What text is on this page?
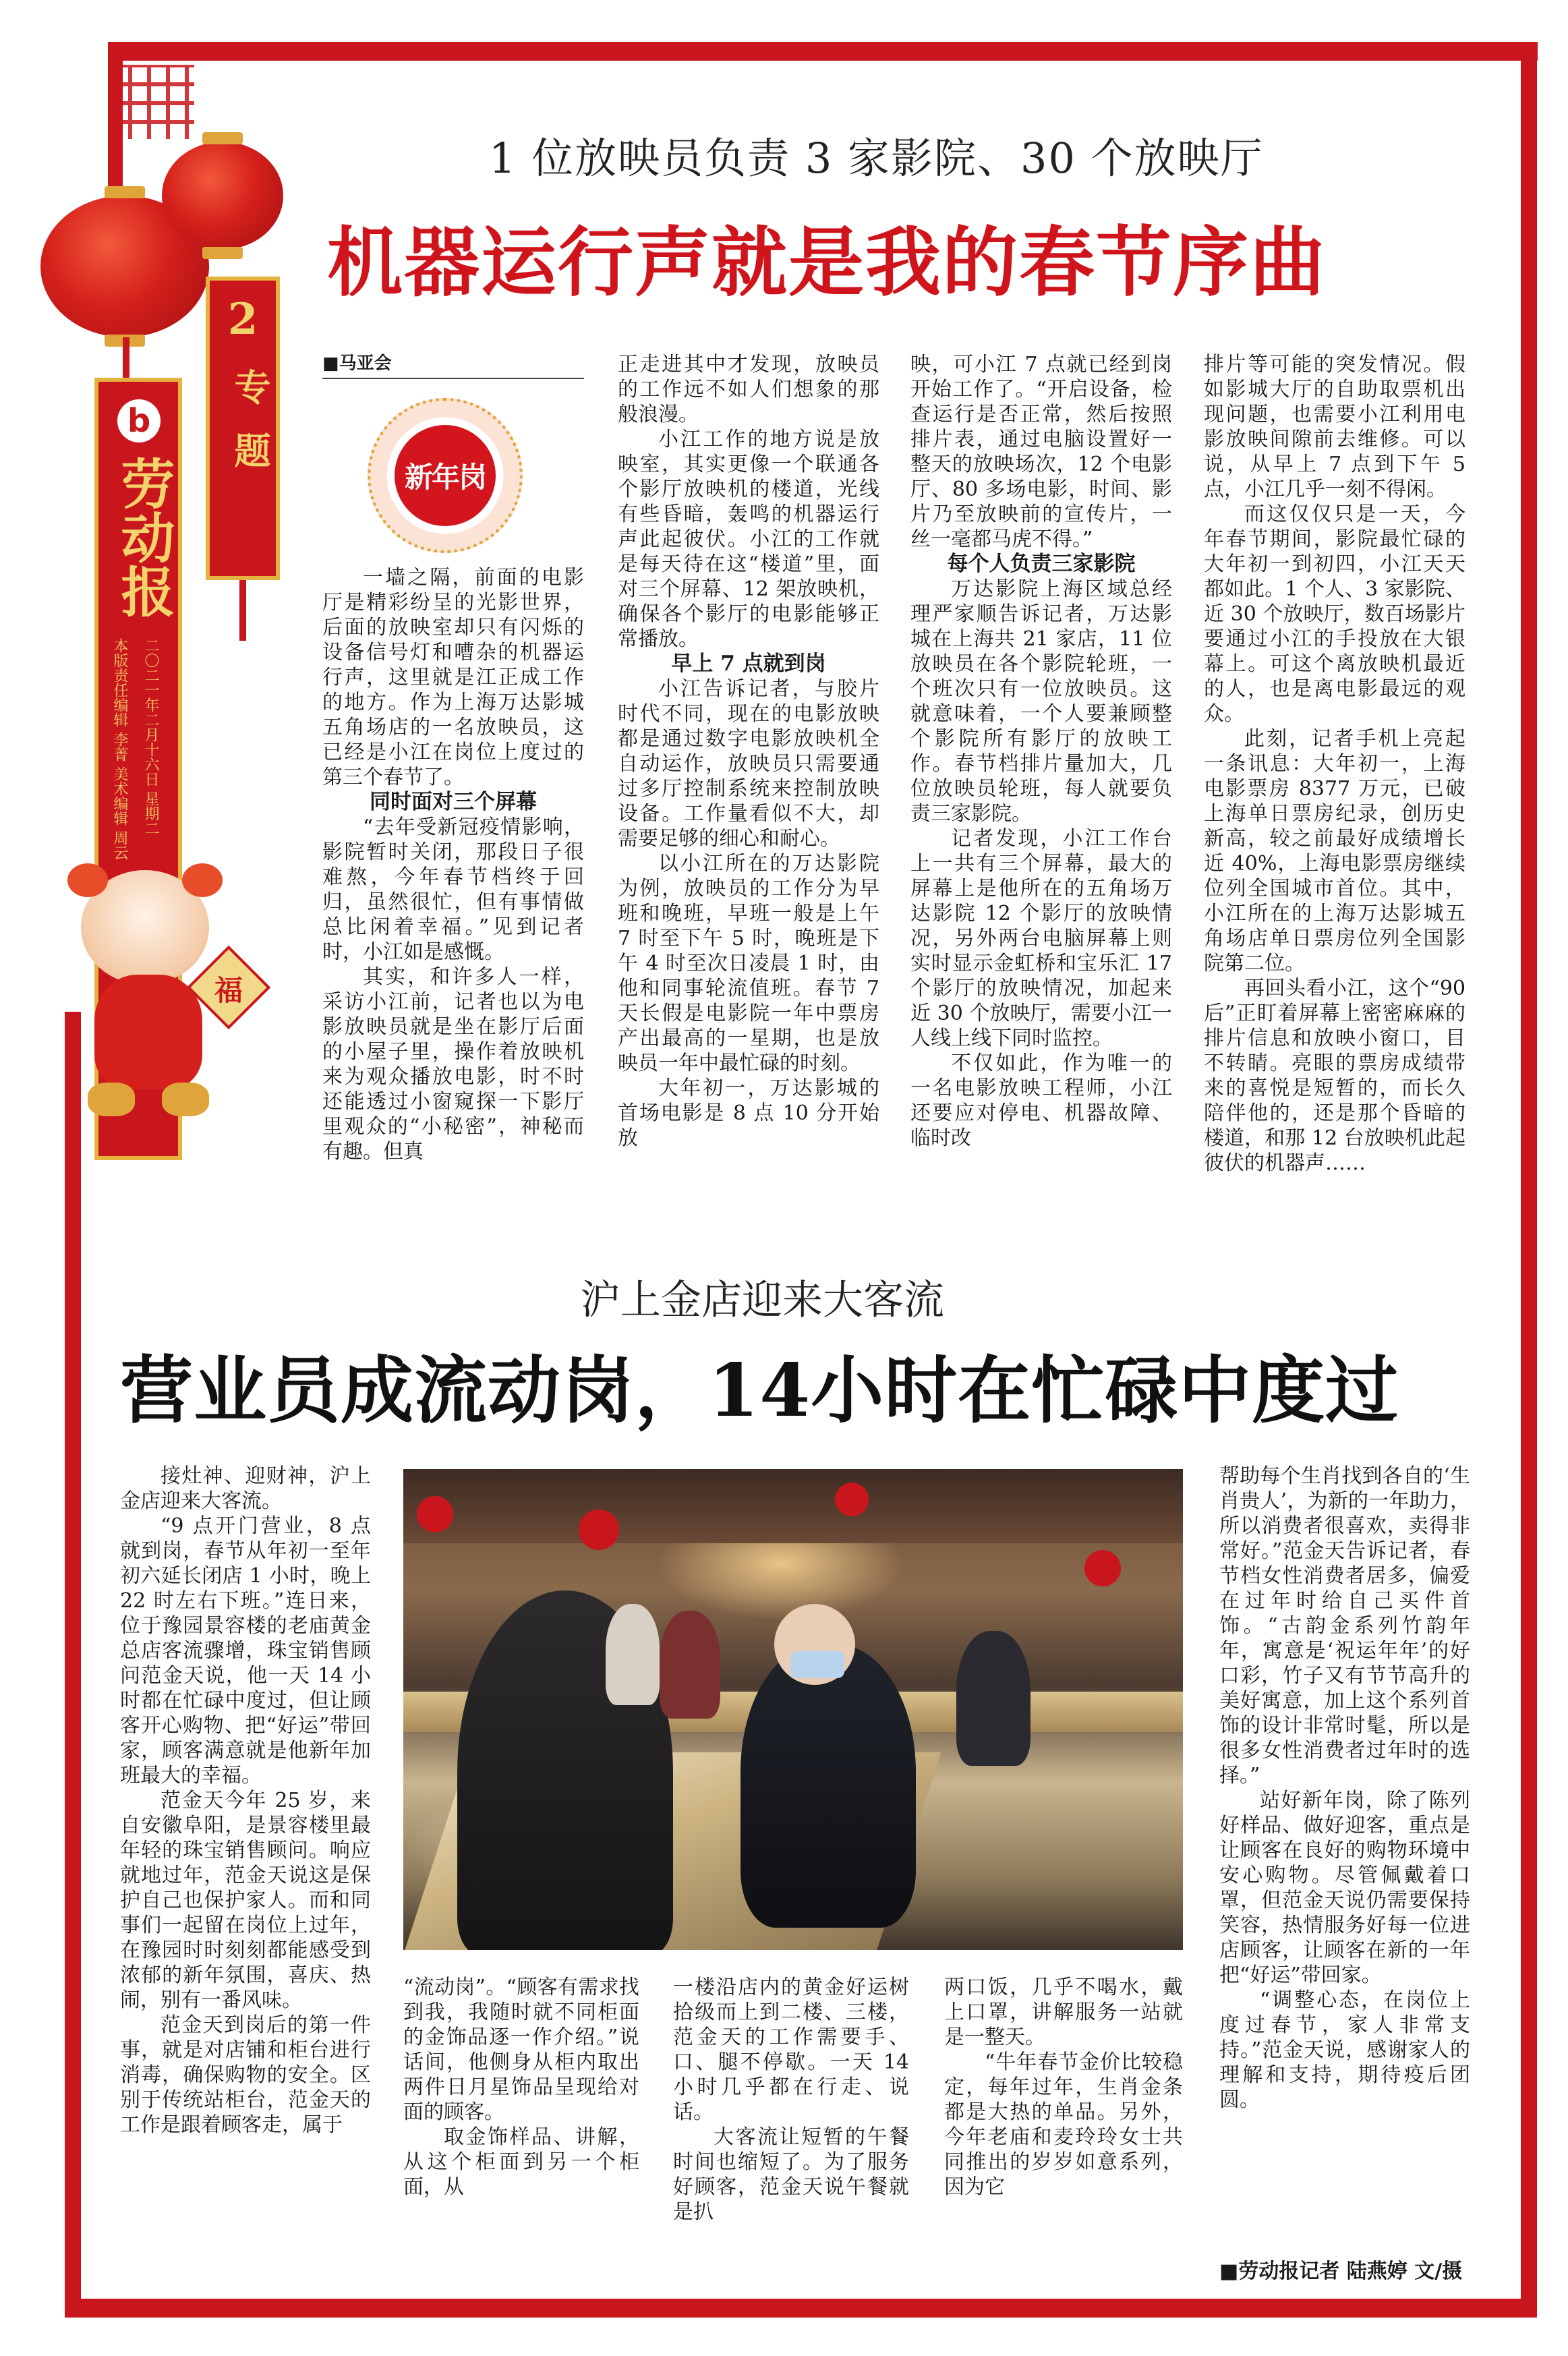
b
劳动报
二〇二一年二月十六日 星期二
本版责任编辑 李菁 美术编辑 周云
2
专题
福
1 位放映员负责 3 家影院、30 个放映厅
机器运行声就是我的春节序曲
■马亚会
新年岗

一墙之隔，前面的电影厅是精彩纷呈的光影世界，后面的放映室却只有闪烁的设备信号灯和嘈杂的机器运行声，这里就是江正成工作的地方。作为上海万达影城五角场店的一名放映员，这已经是小江在岗位上度过的第三个春节了。

同时面对三个屏幕

“去年受新冠疫情影响，影院暂时关闭，那段日子很难熬，今年春节档终于回归，虽然很忙，但有事情做总比闲着幸福。”见到记者时，小江如是感慨。

其实，和许多人一样，采访小江前，记者也以为电影放映员就是坐在影厅后面的小屋子里，操作着放映机来为观众播放电影，时不时还能透过小窗窥探一下影厅里观众的“小秘密”，神秘而有趣。但真

正走进其中才发现，放映员的工作远不如人们想象的那般浪漫。

小江工作的地方说是放映室，其实更像一个联通各个影厅放映机的楼道，光线有些昏暗，轰鸣的机器运行声此起彼伏。小江的工作就是每天待在这“楼道”里，面对三个屏幕、12 架放映机，确保各个影厅的电影能够正常播放。

早上 7 点就到岗

小江告诉记者，与胶片时代不同，现在的电影放映都是通过数字电影放映机全自动运作，放映员只需要通过多厅控制系统来控制放映设备。工作量看似不大，却需要足够的细心和耐心。

以小江所在的万达影院为例，放映员的工作分为早班和晚班，早班一般是上午 7 时至下午 5 时，晚班是下午 4 时至次日凌晨 1 时，由他和同事轮流值班。春节 7 天长假是电影院一年中票房产出最高的一星期，也是放映员一年中最忙碌的时刻。

大年初一，万达影城的首场电影是 8 点 10 分开始放

映，可小江 7 点就已经到岗开始工作了。“开启设备，检查运行是否正常，然后按照排片表，通过电脑设置好一整天的放映场次，12 个电影厅、80 多场电影，时间、影片乃至放映前的宣传片，一丝一毫都马虎不得。”

每个人负责三家影院

万达影院上海区域总经理严家顺告诉记者，万达影城在上海共 21 家店，11 位放映员在各个影院轮班，一个班次只有一位放映员。这就意味着，一个人要兼顾整个影院所有影厅的放映工作。春节档排片量加大，几位放映员轮班，每人就要负责三家影院。

记者发现，小江工作台上一共有三个屏幕，最大的屏幕上是他所在的五角场万达影院 12 个影厅的放映情况，另外两台电脑屏幕上则实时显示金虹桥和宝乐汇 17 个影厅的放映情况，加起来近 30 个放映厅，需要小江一人线上线下同时监控。

不仅如此，作为唯一的一名电影放映工程师，小江还要应对停电、机器故障、临时改

排片等可能的突发情况。假如影城大厅的自助取票机出现问题，也需要小江利用电影放映间隙前去维修。可以说，从早上 7 点到下午 5 点，小江几乎一刻不得闲。

而这仅仅只是一天，今年春节期间，影院最忙碌的大年初一到初四，小江天天都如此。1 个人、3 家影院、近 30 个放映厅，数百场影片要通过小江的手投放在大银幕上。可这个离放映机最近的人，也是离电影最远的观众。

此刻，记者手机上亮起一条讯息：大年初一，上海电影票房 8377 万元，已破上海单日票房纪录，创历史新高，较之前最好成绩增长近 40%，上海电影票房继续位列全国城市首位。其中，小江所在的上海万达影城五角场店单日票房位列全国影院第二位。

再回头看小江，这个“90 后”正盯着屏幕上密密麻麻的排片信息和放映小窗口，目不转睛。亮眼的票房成绩带来的喜悦是短暂的，而长久陪伴他的，还是那个昏暗的楼道，和那 12 台放映机此起彼伏的机器声……

沪上金店迎来大客流
营业员成流动岗，14小时在忙碌中度过

接灶神、迎财神，沪上金店迎来大客流。

“9 点开门营业，8 点就到岗，春节从年初一至年初六延长闭店 1 小时，晚上 22 时左右下班。”连日来，位于豫园景容楼的老庙黄金总店客流骤增，珠宝销售顾问范金天说，他一天 14 小时都在忙碌中度过，但让顾客开心购物、把“好运”带回家，顾客满意就是他新年加班最大的幸福。

范金天今年 25 岁，来自安徽阜阳，是景容楼里最年轻的珠宝销售顾问。响应就地过年，范金天说这是保护自己也保护家人。而和同事们一起留在岗位上过年，在豫园时时刻刻都能感受到浓郁的新年氛围，喜庆、热闹，别有一番风味。

范金天到岗后的第一件事，就是对店铺和柜台进行消毒，确保购物的安全。区别于传统站柜台，范金天的工作是跟着顾客走，属于

“流动岗”。“顾客有需求找到我，我随时就不同柜面的金饰品逐一作介绍。”说话间，他侧身从柜内取出两件日月星饰品呈现给对面的顾客。

取金饰样品、讲解，从这个柜面到另一个柜面，从

一楼沿店内的黄金好运树拾级而上到二楼、三楼，范金天的工作需要手、口、腿不停歇。一天 14 小时几乎都在行走、说话。

大客流让短暂的午餐时间也缩短了。为了服务好顾客，范金天说午餐就是扒

两口饭，几乎不喝水，戴上口罩，讲解服务一站就是一整天。

“牛年春节金价比较稳定，每年过年，生肖金条都是大热的单品。另外，今年老庙和麦玲玲女士共同推出的岁岁如意系列，因为它

帮助每个生肖找到各自的‘生肖贵人’，为新的一年助力，所以消费者很喜欢，卖得非常好。”范金天告诉记者，春节档女性消费者居多，偏爱在过年时给自己买件首饰。“古韵金系列竹韵年年，寓意是‘祝运年年’的好口彩，竹子又有节节高升的美好寓意，加上这个系列首饰的设计非常时髦，所以是很多女性消费者过年时的选择。”

站好新年岗，除了陈列好样品、做好迎客，重点是让顾客在良好的购物环境中安心购物。尽管佩戴着口罩，但范金天说仍需要保持笑容，热情服务好每一位进店顾客，让顾客在新的一年把“好运”带回家。

“调整心态，在岗位上度过春节，家人非常支持。”范金天说，感谢家人的理解和支持，期待疫后团圆。

■劳动报记者 陆燕婷 文/摄
